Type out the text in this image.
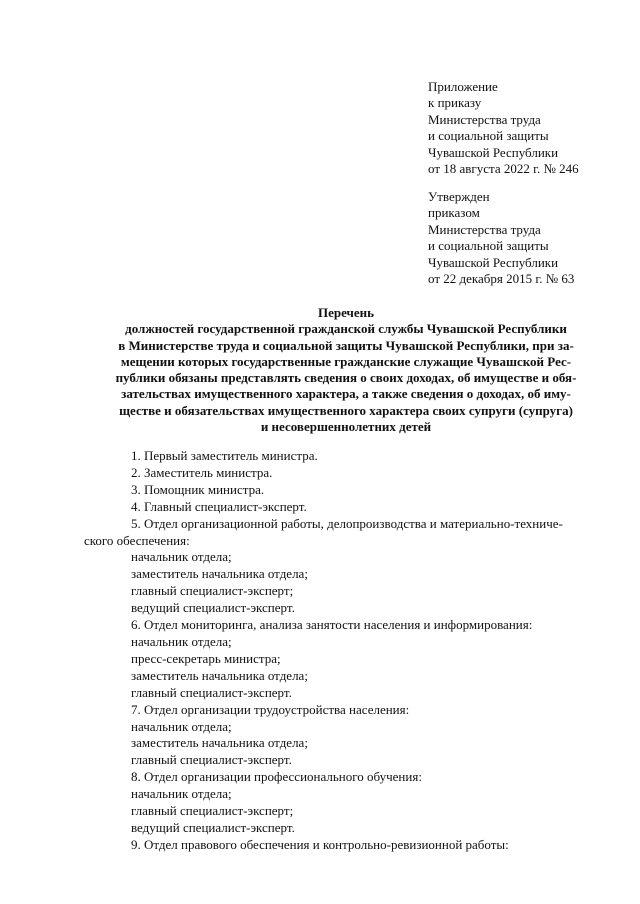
Приложение
к приказу
Министерства труда
и социальной защиты
Чувашской Республики
от 18 августа 2022 г. № 246
Утвержден
приказом
Министерства труда
и социальной защиты
Чувашской Республики
от 22 декабря 2015 г. № 63
Перечень
должностей государственной гражданской службы Чувашской Республики
в Министерстве труда и социальной защиты Чувашской Республики, при за-
мещении которых государственные гражданские служащие Чувашской Рес-
публики обязаны представлять сведения о своих доходах, об имуществе и обя-
зательствах имущественного характера, а также сведения о доходах, об иму-
ществе и обязательствах имущественного характера своих супруги (супруга)
и несовершеннолетних детей
1. Первый заместитель министра.
2. Заместитель министра.
3. Помощник министра.
4. Главный специалист-эксперт.
5. Отдел организационной работы, делопроизводства и материально-техниче-
ского обеспечения:
начальник отдела;
заместитель начальника отдела;
главный специалист-эксперт;
ведущий специалист-эксперт.
6. Отдел мониторинга, анализа занятости населения и информирования:
начальник отдела;
пресс-секретарь министра;
заместитель начальника отдела;
главный специалист-эксперт.
7. Отдел организации трудоустройства населения:
начальник отдела;
заместитель начальника отдела;
главный специалист-эксперт.
8. Отдел организации профессионального обучения:
начальник отдела;
главный специалист-эксперт;
ведущий специалист-эксперт.
9. Отдел правового обеспечения и контрольно-ревизионной работы:
